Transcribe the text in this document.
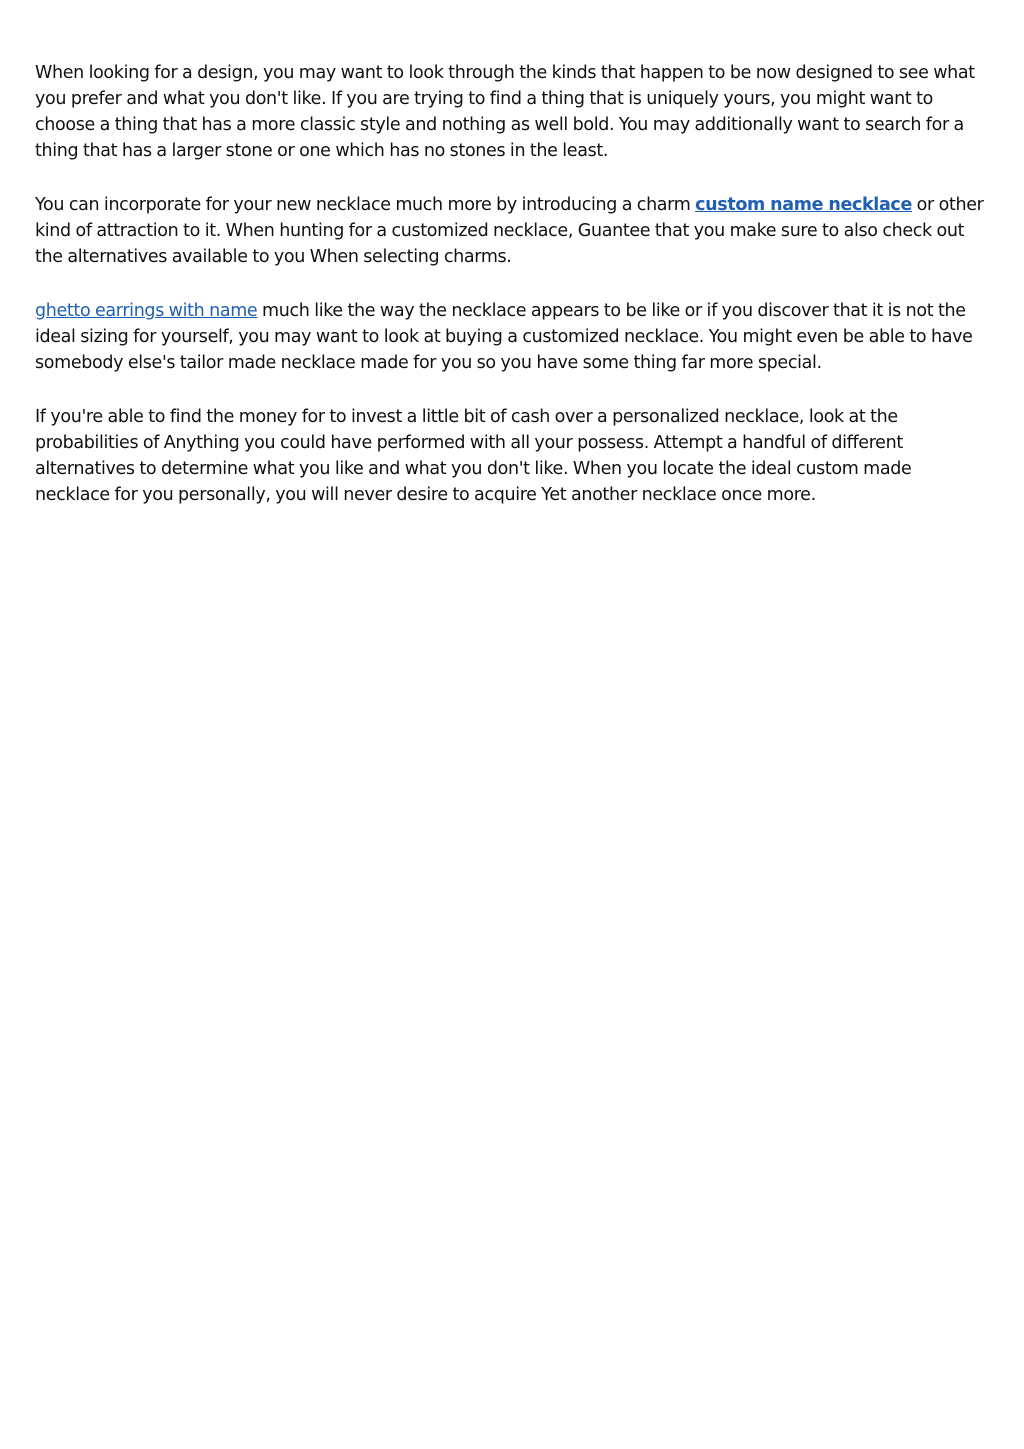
When looking for a design, you may want to look through the kinds that happen to be now designed to see what you prefer and what you don't like. If you are trying to find a thing that is uniquely yours, you might want to choose a thing that has a more classic style and nothing as well bold. You may additionally want to search for a thing that has a larger stone or one which has no stones in the least.

You can incorporate for your new necklace much more by introducing a charm custom name necklace or other kind of attraction to it. When hunting for a customized necklace, Guantee that you make sure to also check out the alternatives available to you When selecting charms.

ghetto earrings with name much like the way the necklace appears to be like or if you discover that it is not the ideal sizing for yourself, you may want to look at buying a customized necklace. You might even be able to have somebody else's tailor made necklace made for you so you have some thing far more special.

If you're able to find the money for to invest a little bit of cash over a personalized necklace, look at the probabilities of Anything you could have performed with all your possess. Attempt a handful of different alternatives to determine what you like and what you don't like. When you locate the ideal custom made necklace for you personally, you will never desire to acquire Yet another necklace once more.
